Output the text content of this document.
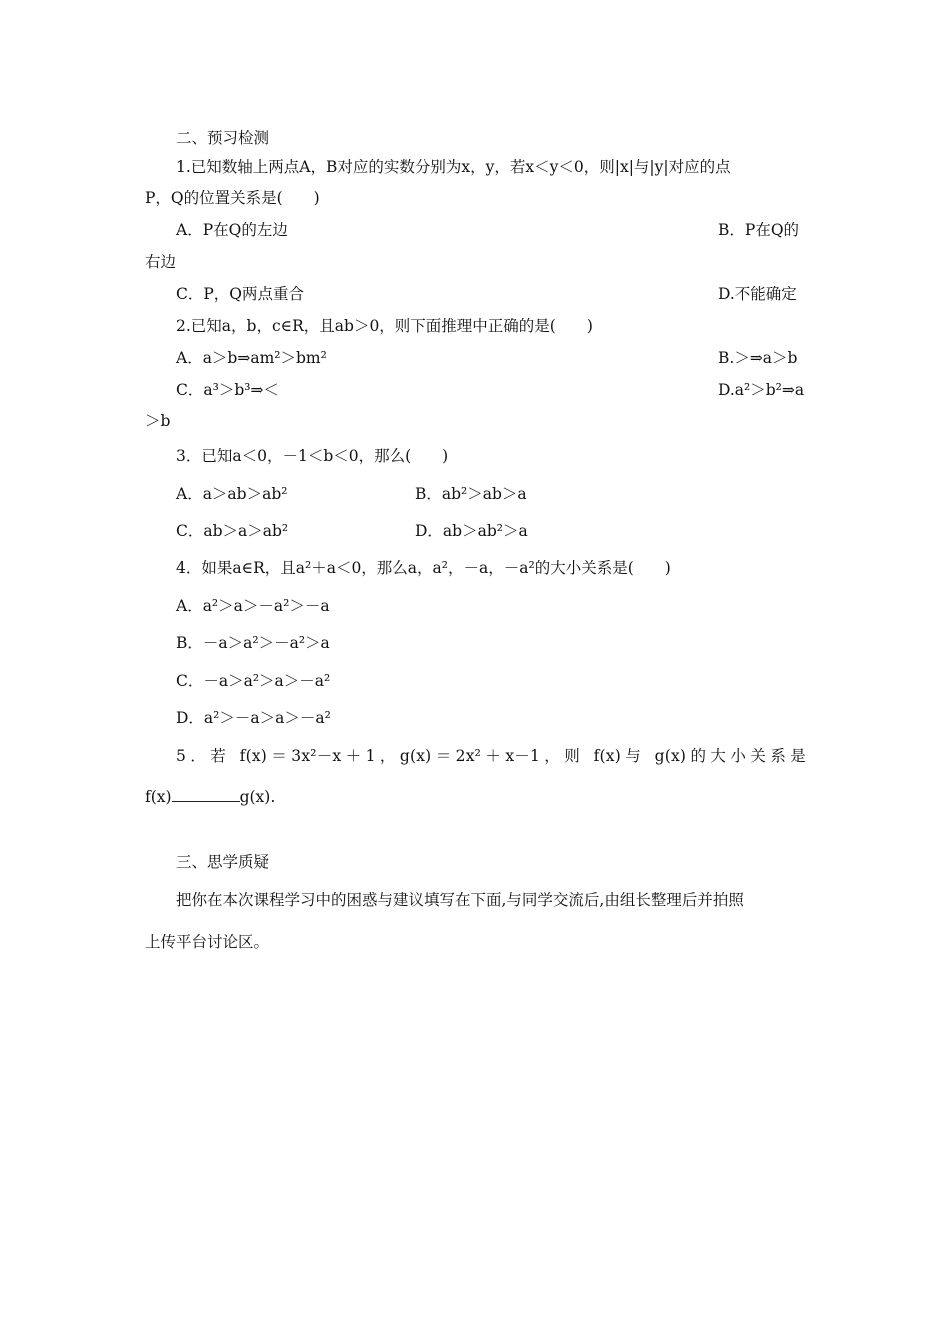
二、预习检测
1.已知数轴上两点A，B对应的实数分别为x，y，若x＜y＜0，则|x|与|y|对应的点
P，Q的位置关系是(　　)
A．P在Q的左边	B．P在Q的
右边
C．P，Q两点重合	D.不能确定
2.已知a，b，c∈R，且ab＞0，则下面推理中正确的是(　　)
A．a＞b⇒am²＞bm²	B.＞⇒a＞b
C．a³＞b³⇒＜	D.a²＞b²⇒a
＞b
3．已知a＜0，－1＜b＜0，那么(　　)
A．a＞ab＞ab²	B．ab²＞ab＞a
C．ab＞a＞ab²	D．ab＞ab²＞a
4．如果a∈R，且a²＋a＜0，那么a，a²，－a，－a²的大小关系是(　　)
A．a²＞a＞－a²＞－a
B．－a＞a²＞－a²＞a
C．－a＞a²＞a＞－a²
D．a²＞－a＞a＞－a²
5．若 f(x)＝3x²－x＋1，g(x)＝2x²＋x－1，则 f(x)与 g(x)的大小关系是
f(x)	g(x).
三、思学质疑
把你在本次课程学习中的困惑与建议填写在下面,与同学交流后,由组长整理后并拍照
上传平台讨论区。
